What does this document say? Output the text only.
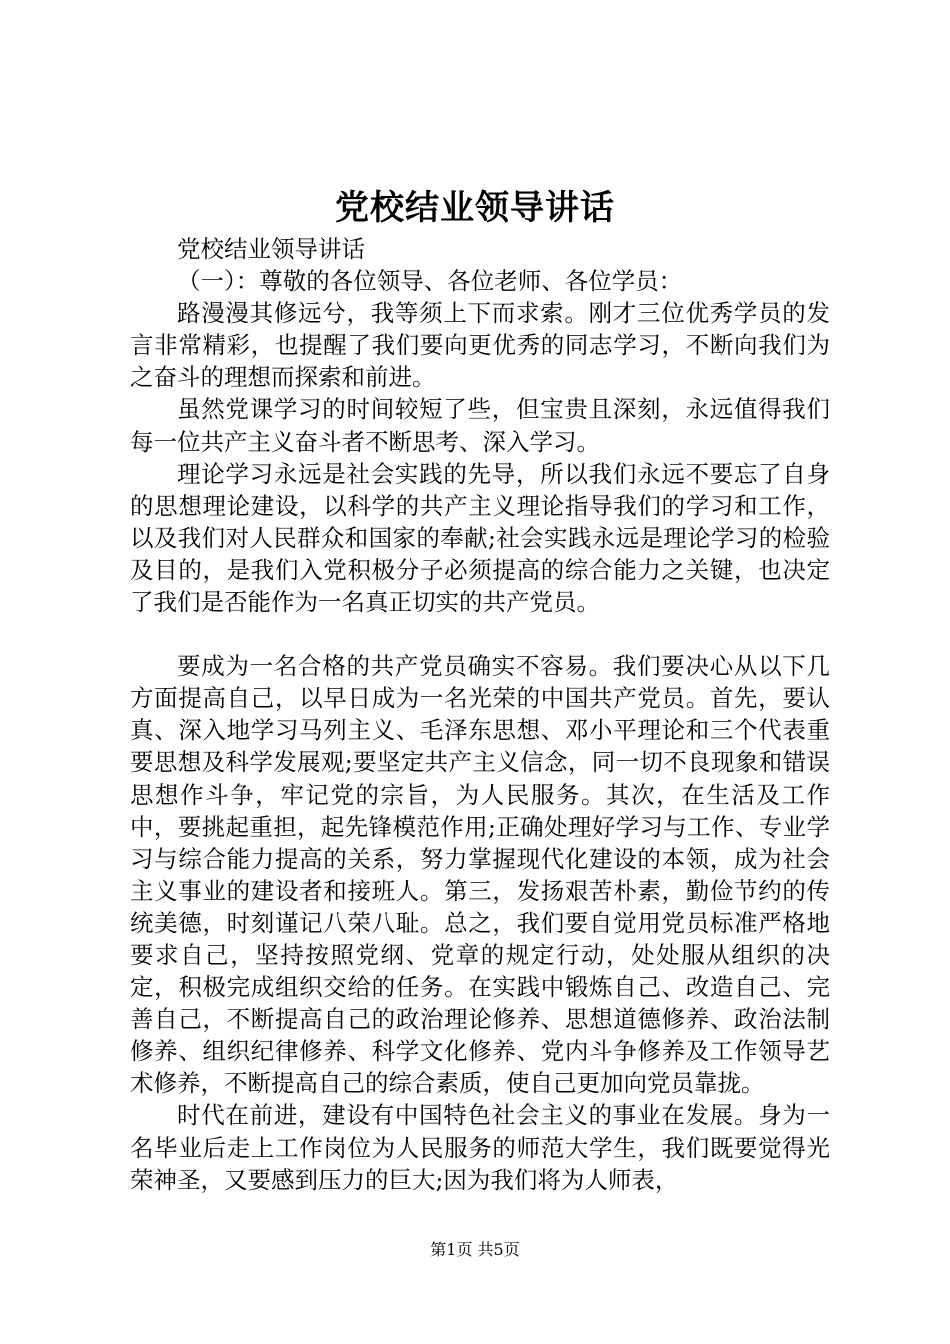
党校结业领导讲话

党校结业领导讲话

（一）：尊敬的各位领导、各位老师、各位学员：

路漫漫其修远兮，我等须上下而求索。刚才三位优秀学员的发言非常精彩，也提醒了我们要向更优秀的同志学习，不断向我们为之奋斗的理想而探索和前进。

虽然党课学习的时间较短了些，但宝贵且深刻，永远值得我们每一位共产主义奋斗者不断思考、深入学习。

理论学习永远是社会实践的先导，所以我们永远不要忘了自身的思想理论建设，以科学的共产主义理论指导我们的学习和工作，以及我们对人民群众和国家的奉献;社会实践永远是理论学习的检验及目的，是我们入党积极分子必须提高的综合能力之关键，也决定了我们是否能作为一名真正切实的共产党员。

要成为一名合格的共产党员确实不容易。我们要决心从以下几方面提高自己，以早日成为一名光荣的中国共产党员。首先，要认真、深入地学习马列主义、毛泽东思想、邓小平理论和三个代表重要思想及科学发展观;要坚定共产主义信念，同一切不良现象和错误思想作斗争，牢记党的宗旨，为人民服务。其次，在生活及工作中，要挑起重担，起先锋模范作用;正确处理好学习与工作、专业学习与综合能力提高的关系，努力掌握现代化建设的本领，成为社会主义事业的建设者和接班人。第三，发扬艰苦朴素，勤俭节约的传统美德，时刻谨记八荣八耻。总之，我们要自觉用党员标准严格地要求自己，坚持按照党纲、党章的规定行动，处处服从组织的决定，积极完成组织交给的任务。在实践中锻炼自己、改造自己、完善自己，不断提高自己的政治理论修养、思想道德修养、政治法制修养、组织纪律修养、科学文化修养、党内斗争修养及工作领导艺术修养，不断提高自己的综合素质，使自己更加向党员靠拢。

时代在前进，建设有中国特色社会主义的事业在发展。身为一名毕业后走上工作岗位为人民服务的师范大学生，我们既要觉得光荣神圣，又要感到压力的巨大;因为我们将为人师表，

第1页 共5页
